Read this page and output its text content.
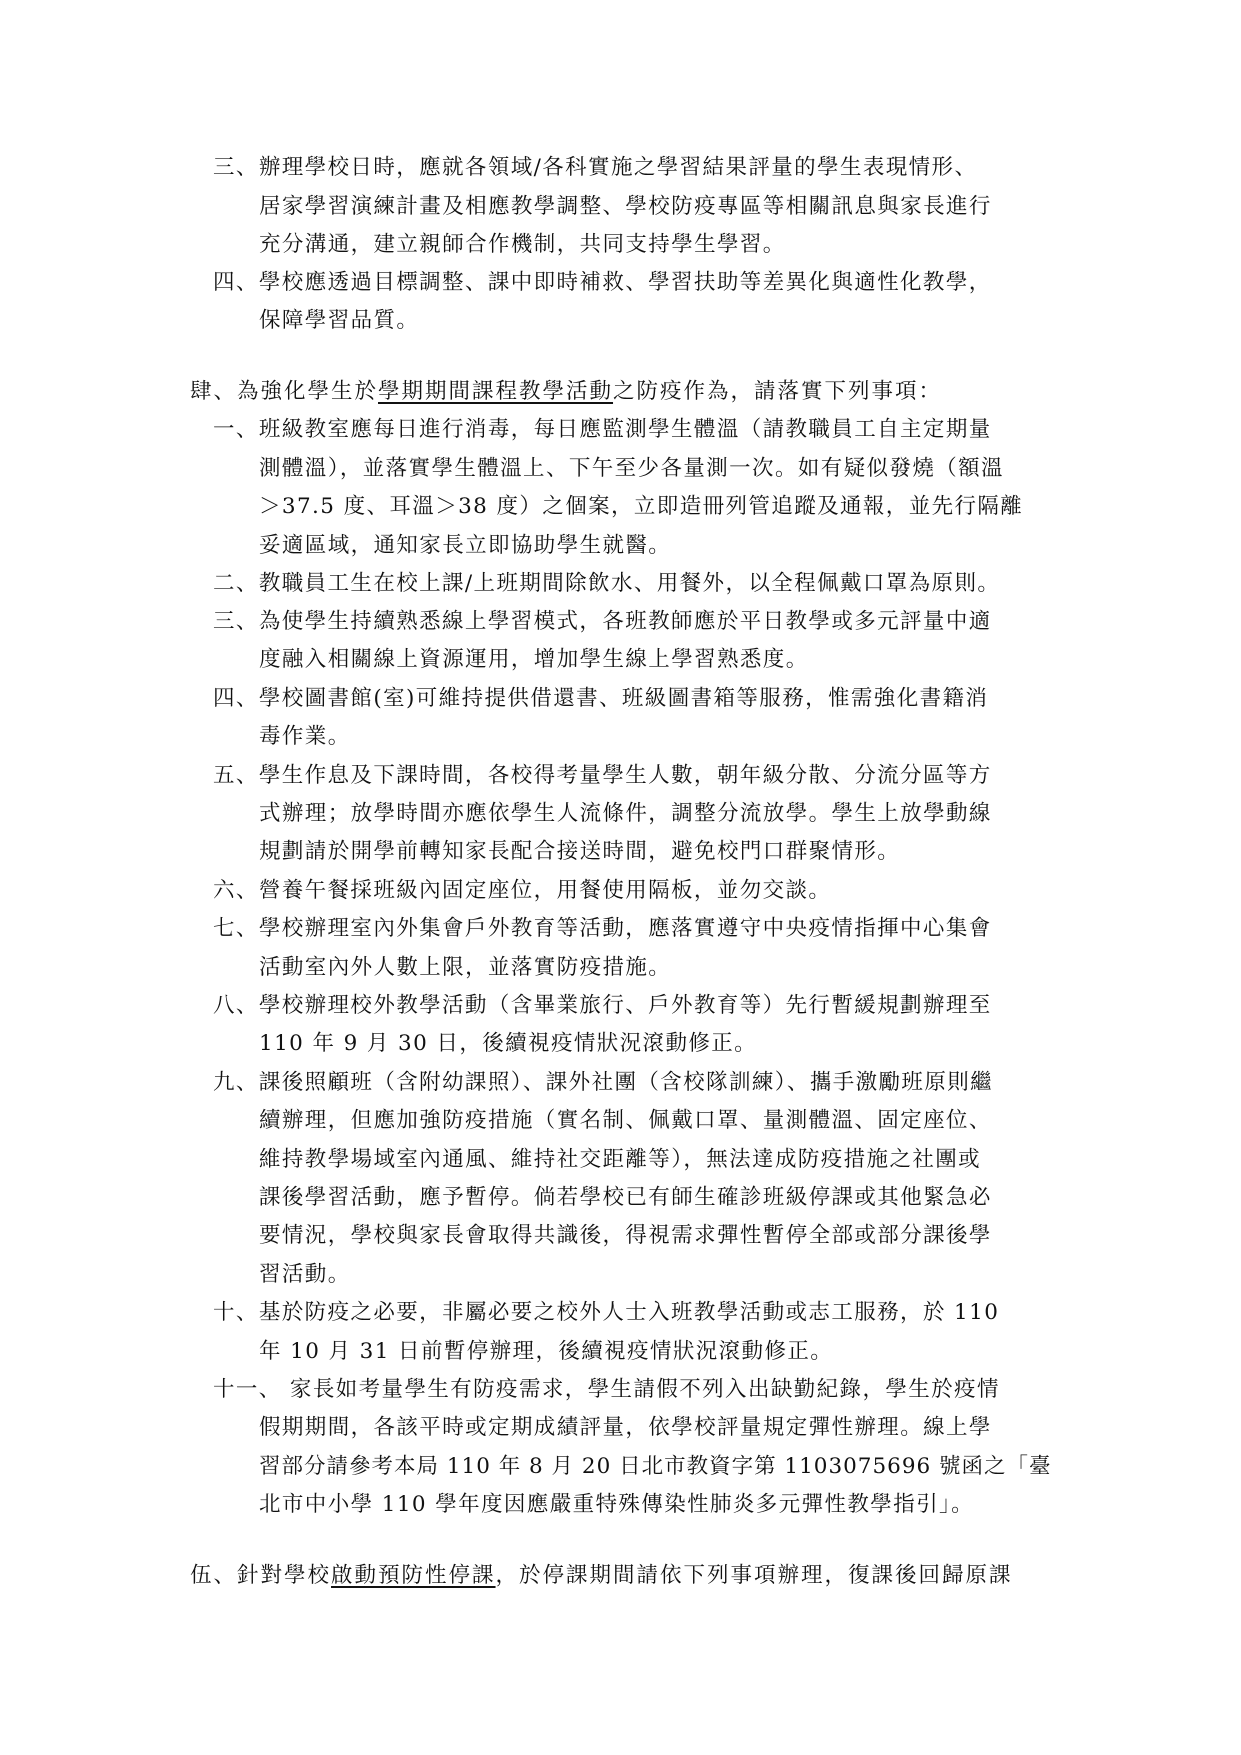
三、辦理學校日時，應就各領域/各科實施之學習結果評量的學生表現情形、

居家學習演練計畫及相應教學調整、學校防疫專區等相關訊息與家長進行

充分溝通，建立親師合作機制，共同支持學生學習。

四、學校應透過目標調整、課中即時補救、學習扶助等差異化與適性化教學，

保障學習品質。

肆、為強化學生於學期期間課程教學活動之防疫作為，請落實下列事項：

一、班級教室應每日進行消毒，每日應監測學生體溫（請教職員工自主定期量

測體溫），並落實學生體溫上、下午至少各量測一次。如有疑似發燒（額溫

＞37.5 度、耳溫＞38 度）之個案，立即造冊列管追蹤及通報，並先行隔離

妥適區域，通知家長立即協助學生就醫。

二、教職員工生在校上課/上班期間除飲水、用餐外，以全程佩戴口罩為原則。

三、為使學生持續熟悉線上學習模式，各班教師應於平日教學或多元評量中適

度融入相關線上資源運用，增加學生線上學習熟悉度。

四、學校圖書館(室)可維持提供借還書、班級圖書箱等服務，惟需強化書籍消

毒作業。

五、學生作息及下課時間，各校得考量學生人數，朝年級分散、分流分區等方

式辦理；放學時間亦應依學生人流條件，調整分流放學。學生上放學動線

規劃請於開學前轉知家長配合接送時間，避免校門口群聚情形。

六、營養午餐採班級內固定座位，用餐使用隔板，並勿交談。

七、學校辦理室內外集會戶外教育等活動，應落實遵守中央疫情指揮中心集會

活動室內外人數上限，並落實防疫措施。

八、學校辦理校外教學活動（含畢業旅行、戶外教育等）先行暫緩規劃辦理至

110 年 9 月 30 日，後續視疫情狀況滾動修正。

九、課後照顧班（含附幼課照）、課外社團（含校隊訓練）、攜手激勵班原則繼

續辦理，但應加強防疫措施（實名制、佩戴口罩、量測體溫、固定座位、

維持教學場域室內通風、維持社交距離等），無法達成防疫措施之社團或

課後學習活動，應予暫停。倘若學校已有師生確診班級停課或其他緊急必

要情況，學校與家長會取得共識後，得視需求彈性暫停全部或部分課後學

習活動。

十、基於防疫之必要，非屬必要之校外人士入班教學活動或志工服務，於 110

年 10 月 31 日前暫停辦理，後續視疫情狀況滾動修正。

十一、 家長如考量學生有防疫需求，學生請假不列入出缺勤紀錄，學生於疫情

假期期間，各該平時或定期成績評量，依學校評量規定彈性辦理。線上學

習部分請參考本局 110 年 8 月 20 日北市教資字第 1103075696 號函之「臺

北市中小學 110 學年度因應嚴重特殊傳染性肺炎多元彈性教學指引」。

伍、針對學校啟動預防性停課，於停課期間請依下列事項辦理，復課後回歸原課
